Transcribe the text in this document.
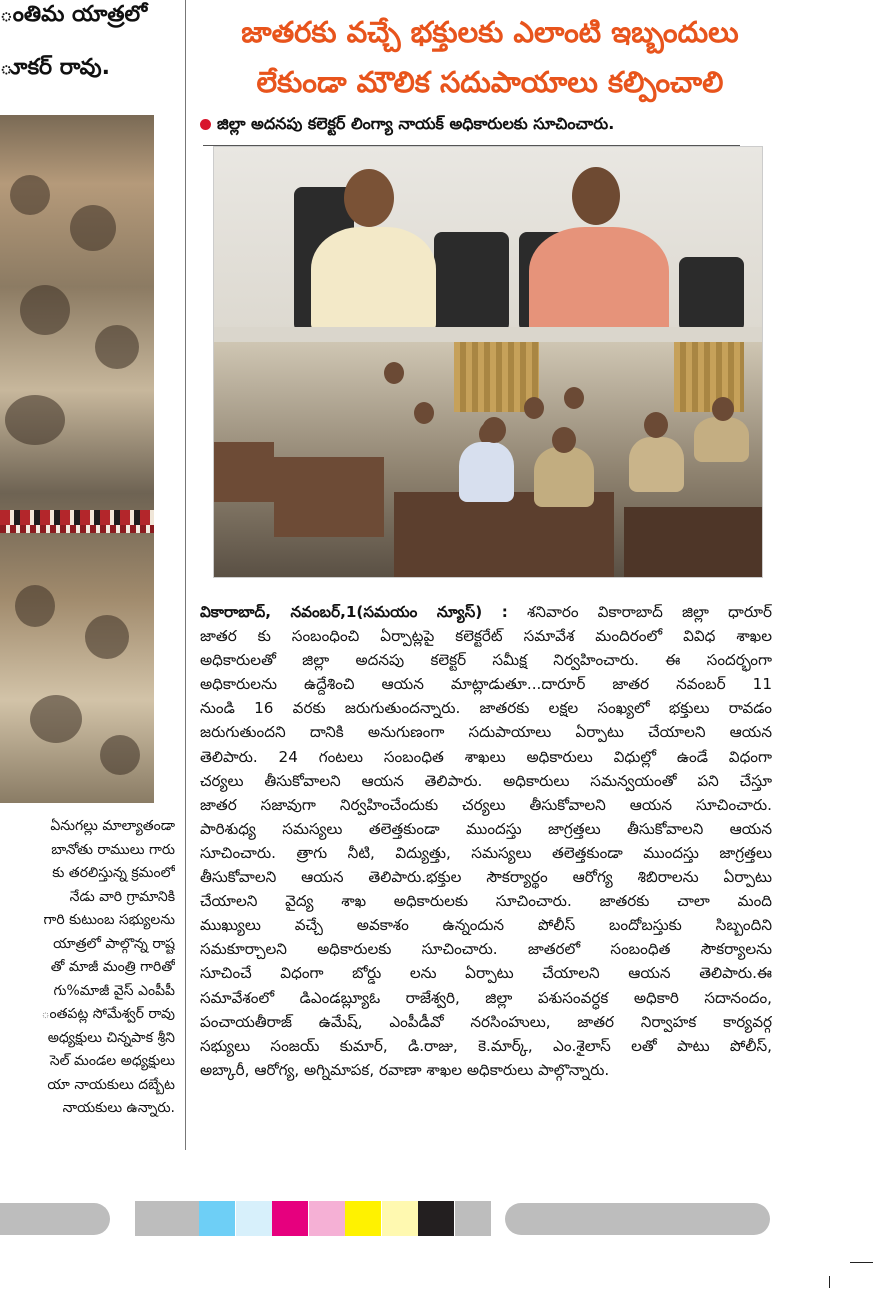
ంతిమ యాత్రలో
ూకర్ రావు.
ఏనుగల్లు మాల్యాతండా
బానోతు రాములు గారు
కు తరలిస్తున్న క్రమంలో
నేడు వారి గ్రామానికి
గారి కుటుంబ సభ్యులను
యాత్రలో పాల్గొన్న రాష్ట
తో మాజీ మంత్రి గారితో
గు%మాజీ వైస్ ఎంపీపీ
ంతపట్ల సోమేశ్వర్ రావు
అధ్యక్షులు చిన్నపాక శ్రీని
సెల్ మండల అధ్యక్షులు
యా నాయకులు దబ్బేట
నాయకులు ఉన్నారు.
జాతరకు వచ్చే భక్తులకు ఎలాంటి ఇబ్బందులు
లేకుండా మౌలిక సదుపాయాలు కల్పించాలి
జిల్లా అదనపు కలెక్టర్ లింగ్యా నాయక్ అధికారులకు సూచించారు.
వికారాబాద్, నవంబర్,1(సమయం న్యూస్) : శనివారం వికారాబాద్ జిల్లా ధారూర్
జాతర కు సంబంధించి ఏర్పాట్లపై కలెక్టరేట్ సమావేశ మందిరంలో వివిధ శాఖల
అధికారులతో జిల్లా అదనపు కలెక్టర్ సమీక్ష నిర్వహించారు. ఈ సందర్భంగా
అధికారులను ఉద్దేశించి ఆయన మాట్లాడుతూ...దారూర్ జాతర నవంబర్ 11
నుండి 16 వరకు జరుగుతుందన్నారు. జాతరకు లక్షల సంఖ్యలో భక్తులు రావడం
జరుగుతుందని దానికి అనుగుణంగా సదుపాయాలు ఏర్పాటు చేయాలని ఆయన
తెలిపారు. 24 గంటలు సంబంధిత శాఖలు అధికారులు విధుల్లో ఉండే విధంగా
చర్యలు తీసుకోవాలని ఆయన తెలిపారు. అధికారులు సమన్వయంతో పని చేస్తూ
జాతర సజావుగా నిర్వహించేందుకు చర్యలు తీసుకోవాలని ఆయన సూచించారు.
పారిశుధ్య సమస్యలు తలెత్తకుండా ముందస్తు జాగ్రత్తలు తీసుకోవాలని ఆయన
సూచించారు. త్రాగు నీటి, విద్యుత్తు, సమస్యలు తలెత్తకుండా ముందస్తు జాగ్రత్తలు
తీసుకోవాలని ఆయన తెలిపారు.భక్తుల సౌకర్యార్థం ఆరోగ్య శిబిరాలను ఏర్పాటు
చేయాలని వైద్య శాఖ అధికారులకు సూచించారు. జాతరకు చాలా మంది
ముఖ్యులు వచ్చే అవకాశం ఉన్నందున పోలీస్ బందోబస్తుకు సిబ్బందిని
సమకూర్చాలని అధికారులకు సూచించారు. జాతరలో సంబంధిత సౌకర్యాలను
సూచించే విధంగా బోర్డు లను ఏర్పాటు చేయాలని ఆయన తెలిపారు.ఈ
సమావేశంలో డిఎండబ్ల్యూఓ రాజేశ్వరి, జిల్లా పశుసంవర్ధక అధికారి సదానందం,
పంచాయతీరాజ్ ఉమేష్, ఎంపీడీవో నరసింహులు, జాతర నిర్వాహక కార్యవర్గ
సభ్యులు సంజయ్ కుమార్, డి.రాజు, కె.మార్క్, ఎం.శైలాస్ లతో పాటు పోలీస్,
అబ్కారీ, ఆరోగ్య, అగ్నిమాపక, రవాణా శాఖల అధికారులు పాల్గొన్నారు.
